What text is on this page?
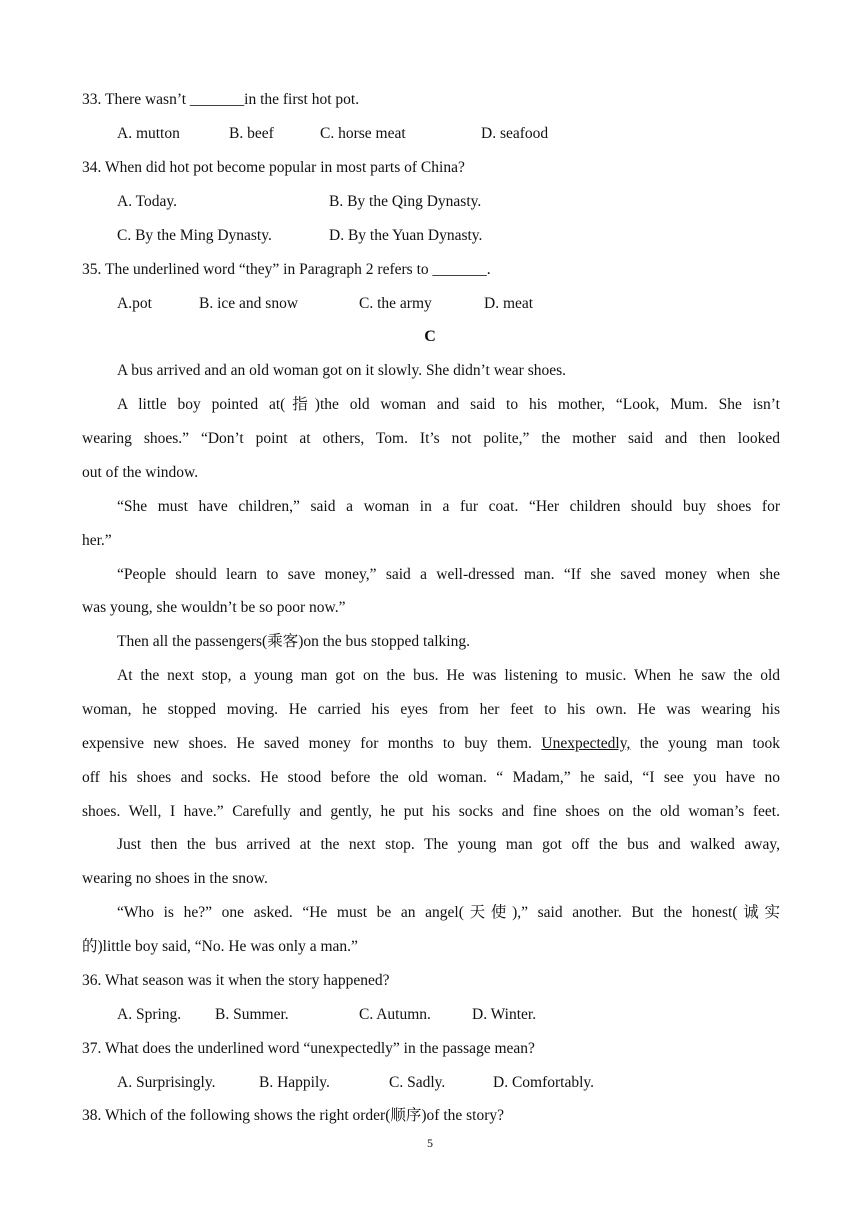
33. There wasn’t _______in the first hot pot.
A. mutton	B. beef	C. horse meat	D. seafood
34. When did hot pot become popular in most parts of China?
A. Today.	B. By the Qing Dynasty.
C. By the Ming Dynasty.	D. By the Yuan Dynasty.
35. The underlined word “they” in Paragraph 2 refers to _______.
A.pot	B. ice and snow	C. the army	D. meat
C
A bus arrived and an old woman got on it slowly. She didn’t wear shoes.
A little boy pointed at(指)the old woman and said to his mother, “Look, Mum. She isn’t
wearing shoes.” “Don’t point at others, Tom. It’s not polite,” the mother said and then looked
out of the window.
“She must have children,” said a woman in a fur coat. “Her children should buy shoes for
her.”
“People should learn to save money,” said a well-dressed man. “If she saved money when she
was young, she wouldn’t be so poor now.”
Then all the passengers(乘客)on the bus stopped talking.
At the next stop, a young man got on the bus. He was listening to music. When he saw the old
woman, he stopped moving. He carried his eyes from her feet to his own. He was wearing his
expensive new shoes. He saved money for months to buy them. Unexpectedly, the young man took
off his shoes and socks. He stood before the old woman. “ Madam,” he said, “I see you have no
shoes. Well, I have.” Carefully and gently, he put his socks and fine shoes on the old woman’s feet.
Just then the bus arrived at the next stop. The young man got off the bus and walked away,
wearing no shoes in the snow.
“Who is he?” one asked. “He must be an angel(天使),” said another. But the honest(诚实
的)little boy said, “No. He was only a man.”
36. What season was it when the story happened?
A. Spring. B. Summer.	C. Autumn.	D. Winter.
37. What does the underlined word “unexpectedly” in the passage mean?
A. Surprisingly.	B. Happily.	C. Sadly.	D. Comfortably.
38. Which of the following shows the right order(顺序)of the story?
5
